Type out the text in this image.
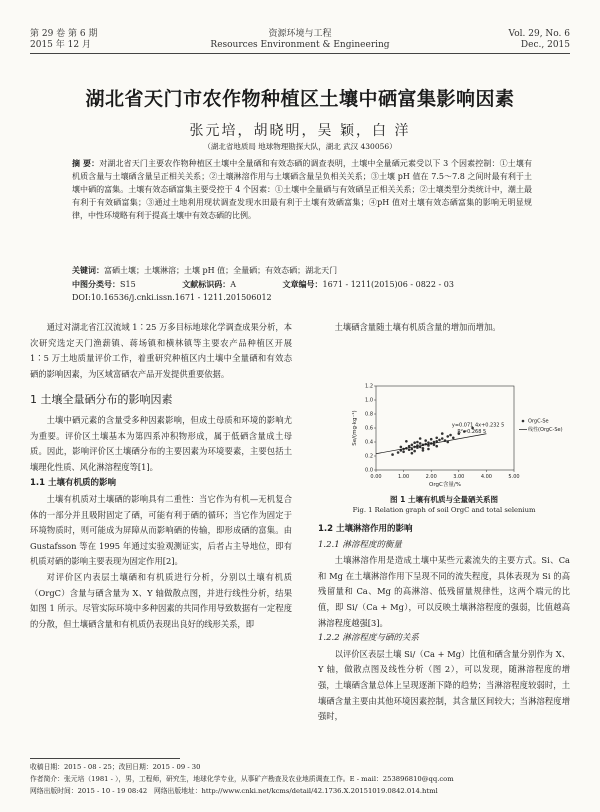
第 29 卷 第 6 期
2015 年 12 月
资源环境与工程
Resources Environment & Engineering
Vol. 29, No. 6
Dec., 2015
湖北省天门市农作物种植区土壤中硒富集影响因素
张元培，胡晓明，吴 颖，白 洋
（湖北省地质局 地球物理勘探大队，湖北 武汉 430056）
摘 要：对湖北省天门主要农作物种植区土壤中全量硒和有效态硒的调查表明，土壤中全量硒元素受以下 3 个因素控制：①土壤有机质含量与土壤硒含量呈正相关关系；②土壤淋溶作用与土壤硒含量呈负相关关系；③土壤 pH 值在 7.5～7.8 之间时最有利于土壤中硒的富集。土壤有效态硒富集主要受控于 4 个因素：①土壤中全量硒与有效硒呈正相关关系；②土壤类型分类统计中，潮土最有利于有效硒富集；③通过土地利用现状调查发现水田最有利于土壤有效硒富集；④pH 值对土壤有效态硒富集的影响无明显规律，中性环境略有利于提高土壤中有效态硒的比例。
关键词：富硒土壤；土壤淋溶；土壤 pH 值；全量硒；有效态硒；湖北天门
中图分类号：S15	文献标识码：A	文章编号：1671 - 1211(2015)06 - 0822 - 03
DOI:10.16536/j.cnki.issn.1671 - 1211.201506012

通过对湖北省江汉流域 1∶25 万多目标地球化学调查成果分析，本次研究选定天门渔薪镇、蒋场镇和横林镇等主要农产品种植区开展 1∶5 万土地质量评价工作，着重研究种植区内土壤中全量硒和有效态硒的影响因素，为区域富硒农产品开发提供重要依据。

1 土壤全量硒分布的影响因素

土壤中硒元素的含量受多种因素影响，但成土母质和环境的影响尤为重要。评价区土壤基本为第四系冲积物形成，属于低硒含量成土母质。因此，影响评价区土壤硒分布的主要因素为环境要素，主要包括土壤理化性质、风化淋溶程度等[1]。

1.1 土壤有机质的影响

土壤有机质对土壤硒的影响具有二重性：当它作为有机—无机复合体的一部分并且吸附固定了硒，可能有利于硒的循环；当它作为固定于环境物质时，则可能成为屏障从而影响硒的传输，即形成硒的富集。由 Gustafsson 等在 1995 年通过实验观测证实，后者占主导地位，即有机质对硒的影响主要表现为固定作用[2]。

对评价区内表层土壤硒和有机质进行分析，分别以土壤有机质（OrgC）含量与硒含量为 X、Y 轴做散点图，并进行线性分析，结果如图 1 所示。尽管实际环境中多种因素的共同作用导致数据有一定程度的分散，但土壤硒含量和有机质仍表现出良好的线形关系，即

土壤硒含量随土壤有机质含量的增加而增加。

0.00	1.00	2.00	3.00	4.00	5.00
0.0
0.2
0.4
0.6
0.8
1.0
1.2
OrgC含量/%
Se/(mg·kg⁻¹)	y=0.071 4x+0.232 5
R²=0.268 5
OrgC-Se
线性(OrgC-Se)
图 1 土壤有机质与全量硒关系图
Fig. 1 Relation graph of soil OrgC and total selenium
1.2 土壤淋溶作用的影响
1.2.1 淋溶程度的衡量

土壤淋溶作用是造成土壤中某些元素流失的主要方式。Si、Ca 和 Mg 在土壤淋溶作用下呈现不同的流失程度，具体表现为 Si 的高残留量和 Ca、Mg 的高淋溶、低残留量规律性，这两个端元的比值，即 Si/（Ca + Mg），可以反映土壤淋溶程度的强弱，比值越高淋溶程度越强[3]。

1.2.2 淋溶程度与硒的关系

以评价区表层土壤 Si/（Ca + Mg）比值和硒含量分别作为 X、Y 轴，做散点图及线性分析（图 2），可以发现，随淋溶程度的增强，土壤硒含量总体上呈现逐渐下降的趋势；当淋溶程度较弱时，土壤硒含量主要由其他环境因素控制，其含量区间较大；当淋溶程度增强时，

收稿日期：2015 - 08 - 25；改回日期：2015 - 09 - 30
作者简介：张元培（1981 - ），男，工程师，研究生，地球化学专业，从事矿产勘查及农业地质调查工作。E - mail：253896810@qq.com
网络出版时间：2015 - 10 - 19 08:42　网络出版地址：http://www.cnki.net/kcms/detail/42.1736.X.20151019.0842.014.html
